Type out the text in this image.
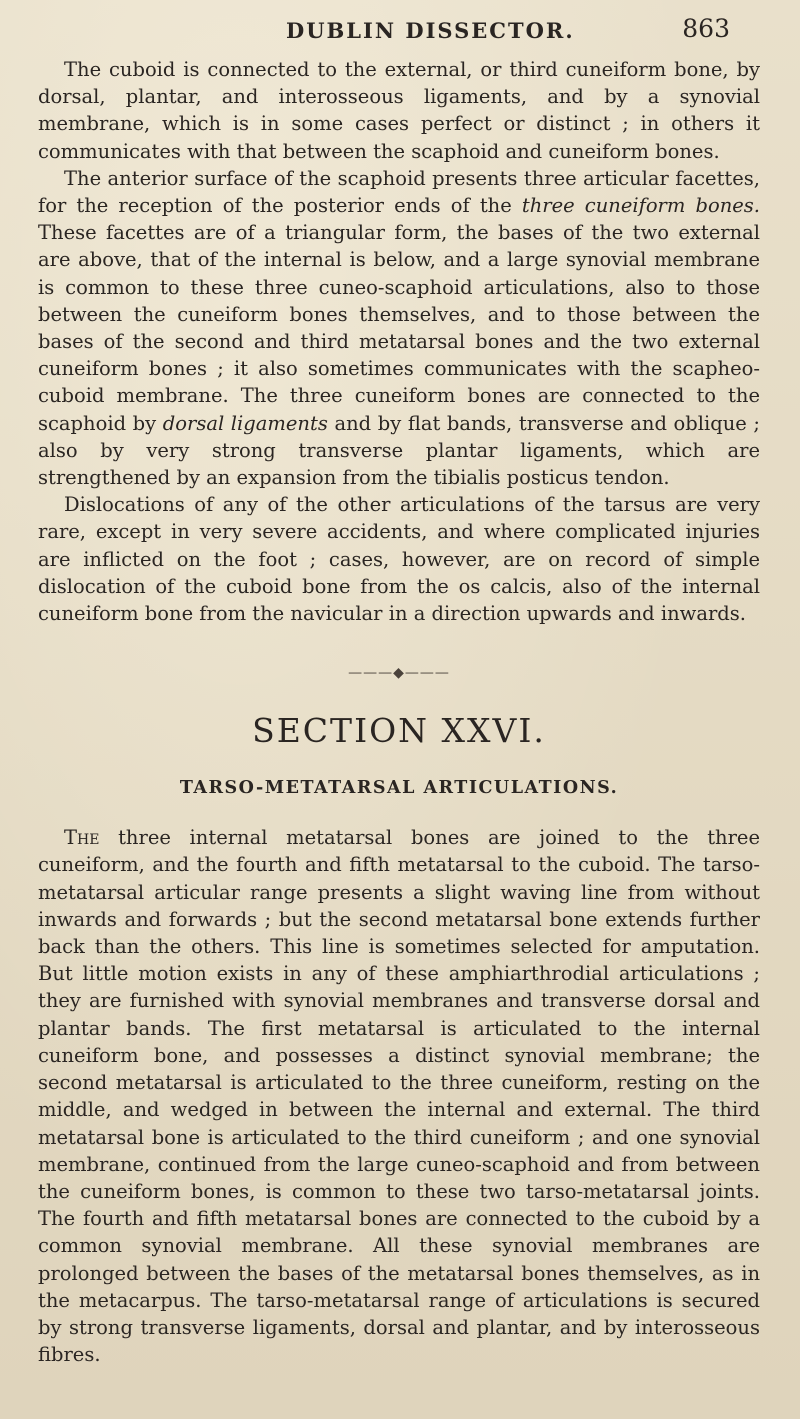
DUBLIN DISSECTOR.	863

The cuboid is connected to the external, or third cuneiform bone, by dorsal, plantar, and interosseous ligaments, and by a synovial membrane, which is in some cases perfect or distinct ; in others it communicates with that between the scaphoid and cuneiform bones.

The anterior surface of the scaphoid presents three articular facettes, for the reception of the posterior ends of the three cuneiform bones. These facettes are of a triangular form, the bases of the two external are above, that of the internal is below, and a large synovial membrane is common to these three cuneo-scaphoid articulations, also to those between the cuneiform bones themselves, and to those between the bases of the second and third metatarsal bones and the two external cuneiform bones ; it also sometimes communicates with the scapheo-cuboid membrane. The three cuneiform bones are connected to the scaphoid by dorsal ligaments and by flat bands, transverse and oblique ; also by very strong transverse plantar ligaments, which are strengthened by an expansion from the tibialis posticus tendon.

Dislocations of any of the other articulations of the tarsus are very rare, except in very severe accidents, and where complicated injuries are inflicted on the foot ; cases, however, are on record of simple dislocation of the cuboid bone from the os calcis, also of the internal cuneiform bone from the navicular in a direction upwards and inwards.

———◆———
SECTION XXVI.
TARSO-METATARSAL ARTICULATIONS.

The three internal metatarsal bones are joined to the three cuneiform, and the fourth and fifth metatarsal to the cuboid. The tarso-metatarsal articular range presents a slight waving line from without inwards and forwards ; but the second metatarsal bone extends further back than the others. This line is sometimes selected for amputation. But little motion exists in any of these amphiarthrodial articulations ; they are furnished with synovial membranes and transverse dorsal and plantar bands. The first metatarsal is articulated to the internal cuneiform bone, and possesses a distinct synovial membrane; the second metatarsal is articulated to the three cuneiform, resting on the middle, and wedged in between the internal and external. The third metatarsal bone is articulated to the third cuneiform ; and one synovial membrane, continued from the large cuneo-scaphoid and from between the cuneiform bones, is common to these two tarso-metatarsal joints. The fourth and fifth metatarsal bones are connected to the cuboid by a common synovial membrane. All these synovial membranes are prolonged between the bases of the metatarsal bones themselves, as in the metacarpus. The tarso-metatarsal range of articulations is secured by strong transverse ligaments, dorsal and plantar, and by interosseous fibres.
